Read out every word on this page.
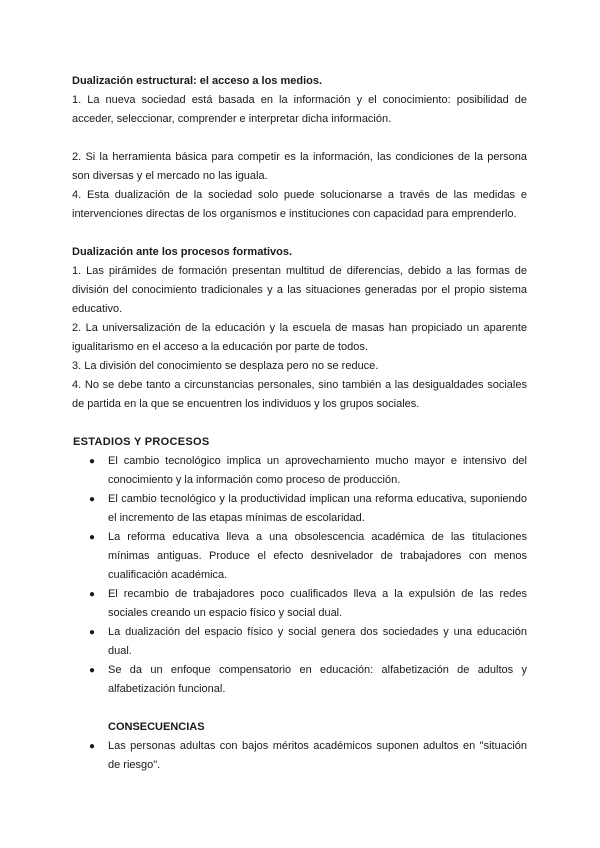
Dualización estructural: el acceso a los medios.

1. La nueva sociedad está basada en la información y el conocimiento: posibilidad de acceder, seleccionar, comprender e interpretar dicha información.

2. Si la herramienta básica para competir es la información, las condiciones de la persona son diversas y el mercado no las iguala.

4. Esta dualización de la sociedad solo puede solucionarse a través de las medidas e intervenciones directas de los organismos e instituciones con capacidad para emprenderlo.

Dualización ante los procesos formativos.

1. Las pirámides de formación presentan multitud de diferencias, debido a las formas de división del conocimiento tradicionales y a las situaciones generadas por el propio sistema educativo.

2. La universalización de la educación y la escuela de masas han propiciado un aparente igualitarismo en el acceso a la educación por parte de todos.

3. La división del conocimiento se desplaza pero no se reduce.

4. No se debe tanto a circunstancias personales, sino también a las desigualdades sociales de partida en la que se encuentren los individuos y los grupos sociales.

ESTADIOS Y PROCESOS

● El cambio tecnológico implica un aprovechamiento mucho mayor e intensivo del conocimiento y la información como proceso de producción.
● El cambio tecnológico y la productividad implican una reforma educativa, suponiendo el incremento de las etapas mínimas de escolaridad.
● La reforma educativa lleva a una obsolescencia académica de las titulaciones mínimas antiguas. Produce el efecto desnivelador de trabajadores con menos cualificación académica.
● El recambio de trabajadores poco cualificados lleva a la expulsión de las redes sociales creando un espacio físico y social dual.
● La dualización del espacio físico y social genera dos sociedades y una educación dual.
● Se da un enfoque compensatorio en educación: alfabetización de adultos y alfabetización funcional.

CONSECUENCIAS

● Las personas adultas con bajos méritos académicos suponen adultos en "situación de riesgo".
